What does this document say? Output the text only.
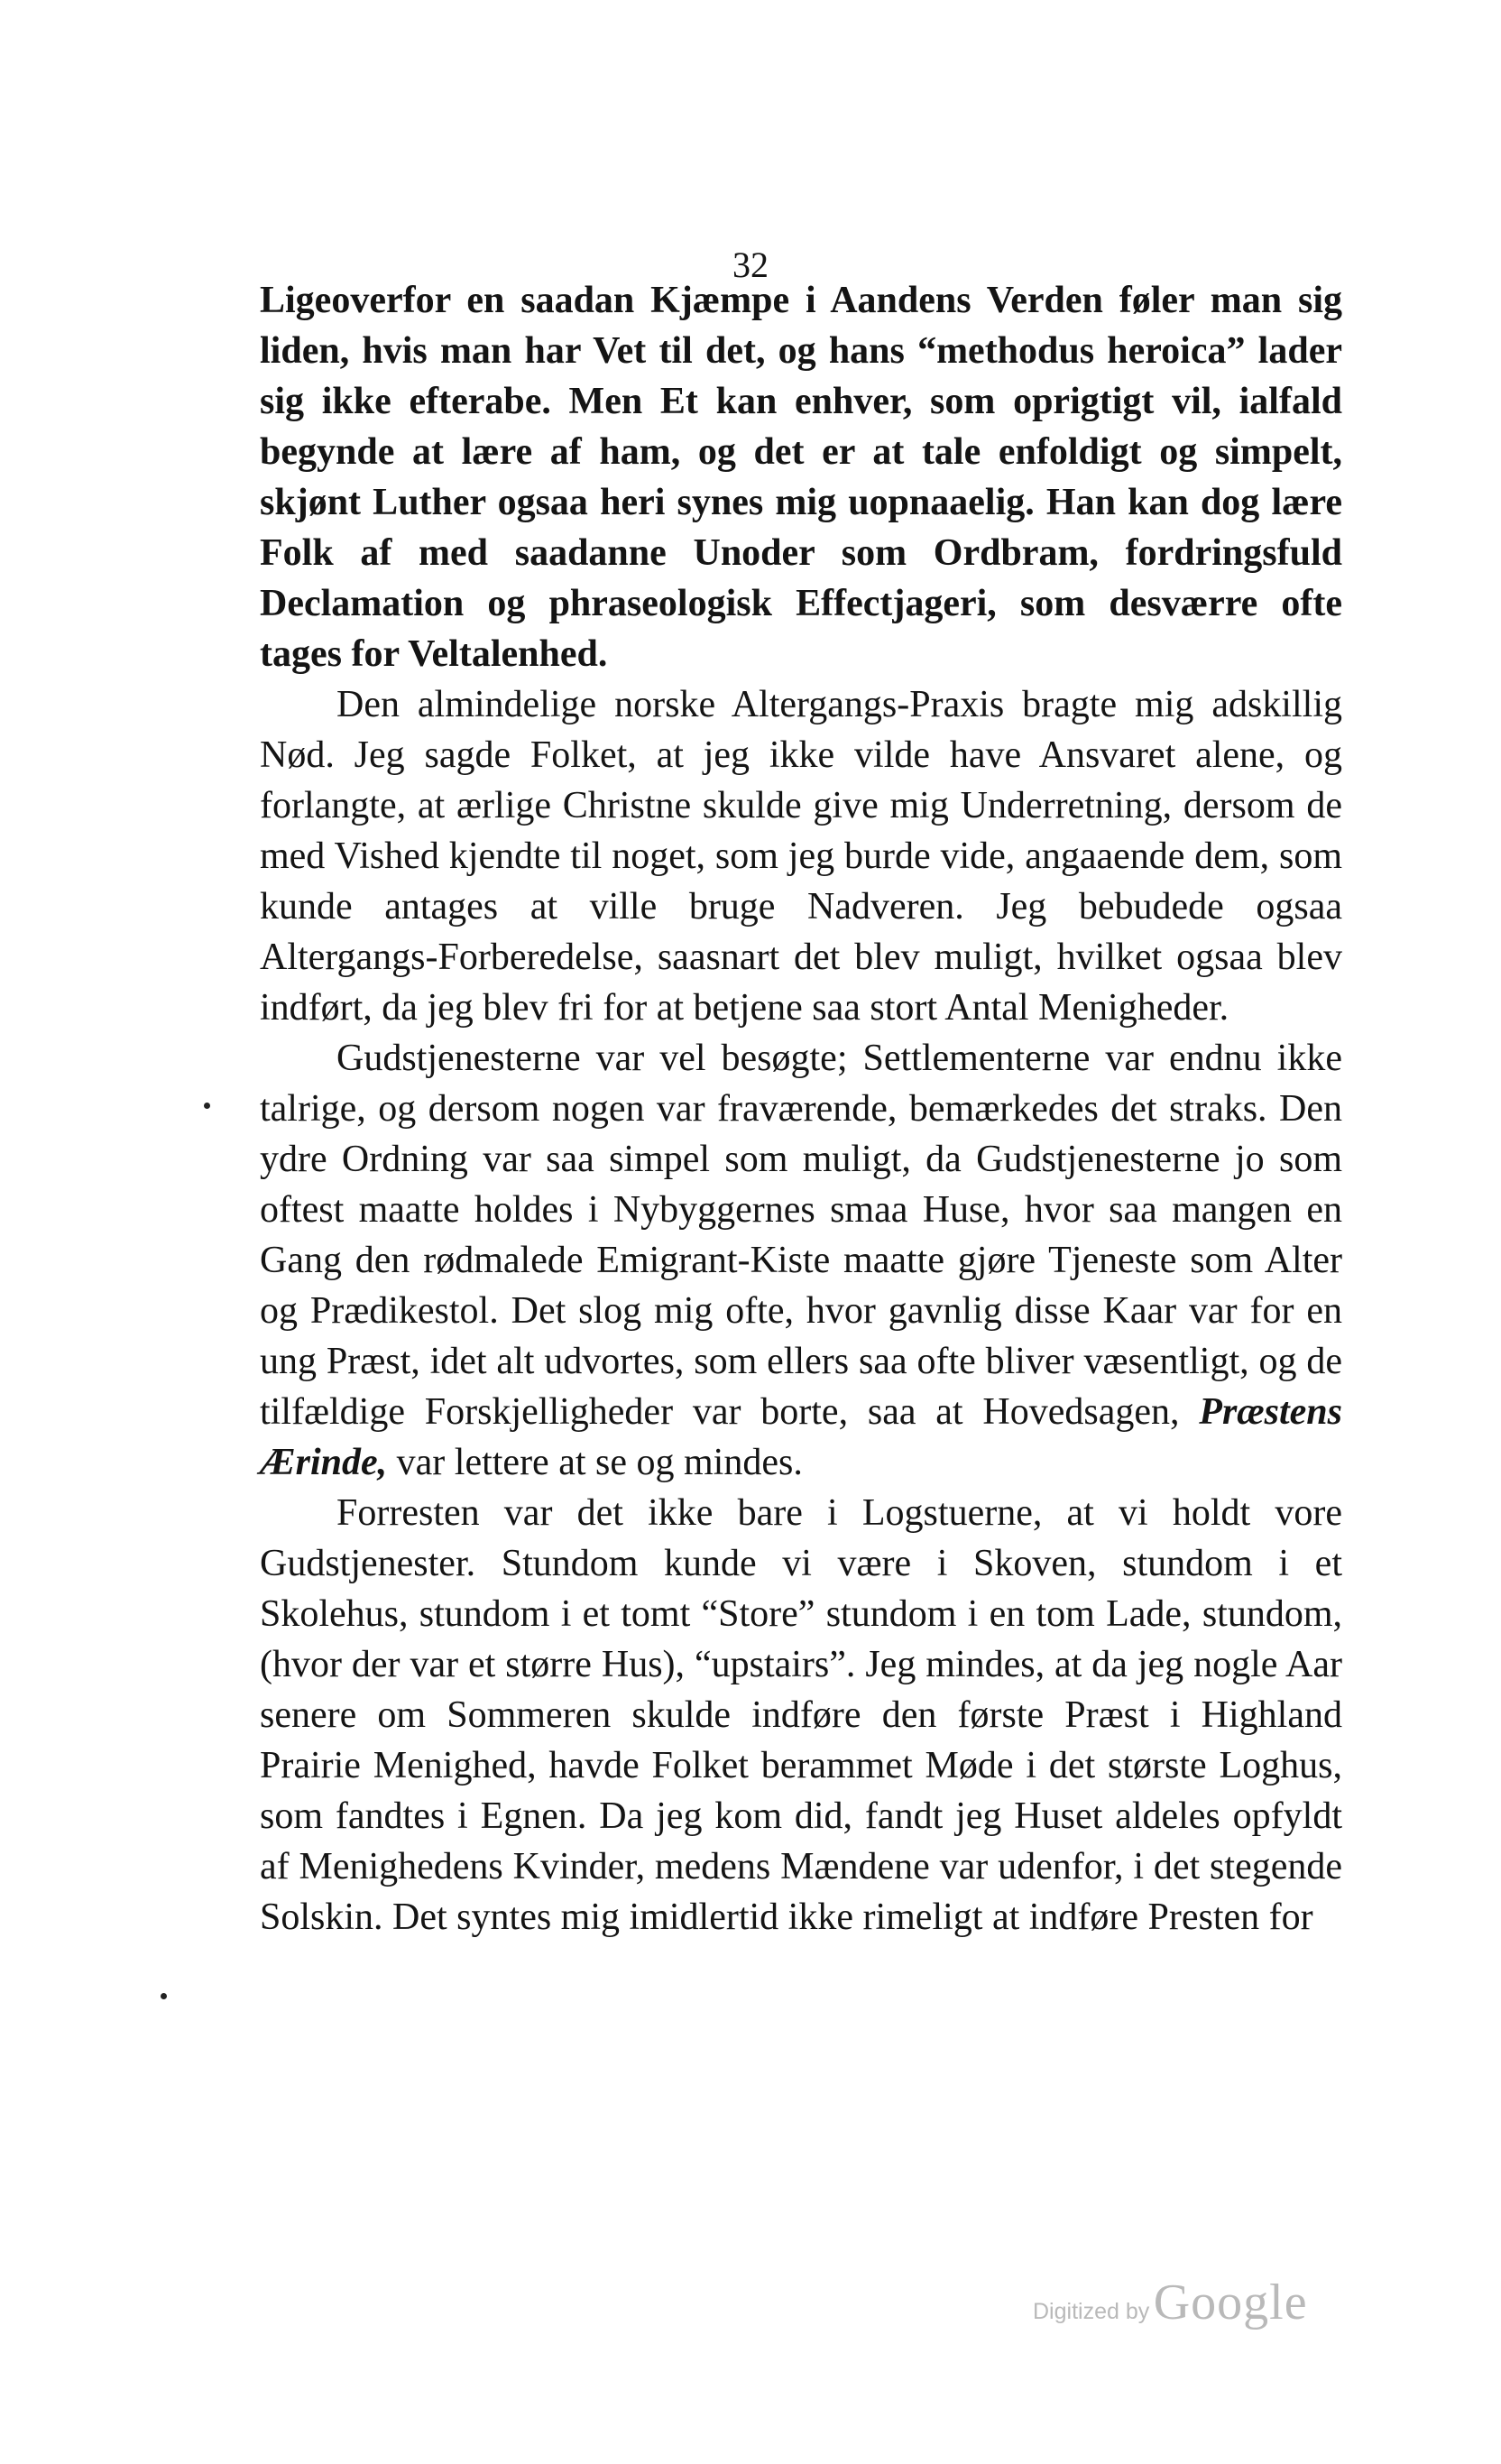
32

Ligeoverfor en saadan Kjæmpe i Aandens Verden føler man sig liden, hvis man har Vet til det, og hans “methodus heroica” lader sig ikke efterabe. Men Et kan enhver, som oprigtigt vil, ialfald begynde at lære af ham, og det er at tale enfoldigt og simpelt, skjønt Luther ogsaa heri synes mig uopnaaelig. Han kan dog lære Folk af med saadanne Unoder som Ordbram, fordringsfuld Declamation og phraseologisk Effectjageri, som desværre ofte tages for Veltalenhed.

Den almindelige norske Altergangs-Praxis bragte mig adskillig Nød. Jeg sagde Folket, at jeg ikke vilde have Ansvaret alene, og forlangte, at ærlige Christne skulde give mig Underretning, dersom de med Vished kjendte til noget, som jeg burde vide, angaaende dem, som kunde antages at ville bruge Nadveren. Jeg bebudede ogsaa Altergangs-Forberedelse, saasnart det blev muligt, hvilket ogsaa blev indført, da jeg blev fri for at betjene saa stort Antal Menigheder.

Gudstjenesterne var vel besøgte; Settlementerne var endnu ikke talrige, og dersom nogen var fraværende, bemærkedes det straks. Den ydre Ordning var saa simpel som muligt, da Gudstjenesterne jo som oftest maatte holdes i Nybyggernes smaa Huse, hvor saa mangen en Gang den rødmalede Emigrant-Kiste maatte gjøre Tjeneste som Alter og Prædikestol. Det slog mig ofte, hvor gavnlig disse Kaar var for en ung Præst, idet alt udvortes, som ellers saa ofte bliver væsentligt, og de tilfældige Forskjelligheder var borte, saa at Hovedsagen, Præstens Ærinde, var lettere at se og mindes.

Forresten var det ikke bare i Logstuerne, at vi holdt vore Gudstjenester. Stundom kunde vi være i Skoven, stundom i et Skolehus, stundom i et tomt “Store” stundom i en tom Lade, stundom, (hvor der var et større Hus), “upstairs”. Jeg mindes, at da jeg nogle Aar senere om Sommeren skulde indføre den første Præst i Highland Prairie Menighed, havde Folket berammet Møde i det største Loghus, som fandtes i Egnen. Da jeg kom did, fandt jeg Huset aldeles opfyldt af Menighedens Kvinder, medens Mændene var udenfor, i det stegende Solskin. Det syntes mig imidlertid ikke rimeligt at indføre Presten for

Digitized by Google
